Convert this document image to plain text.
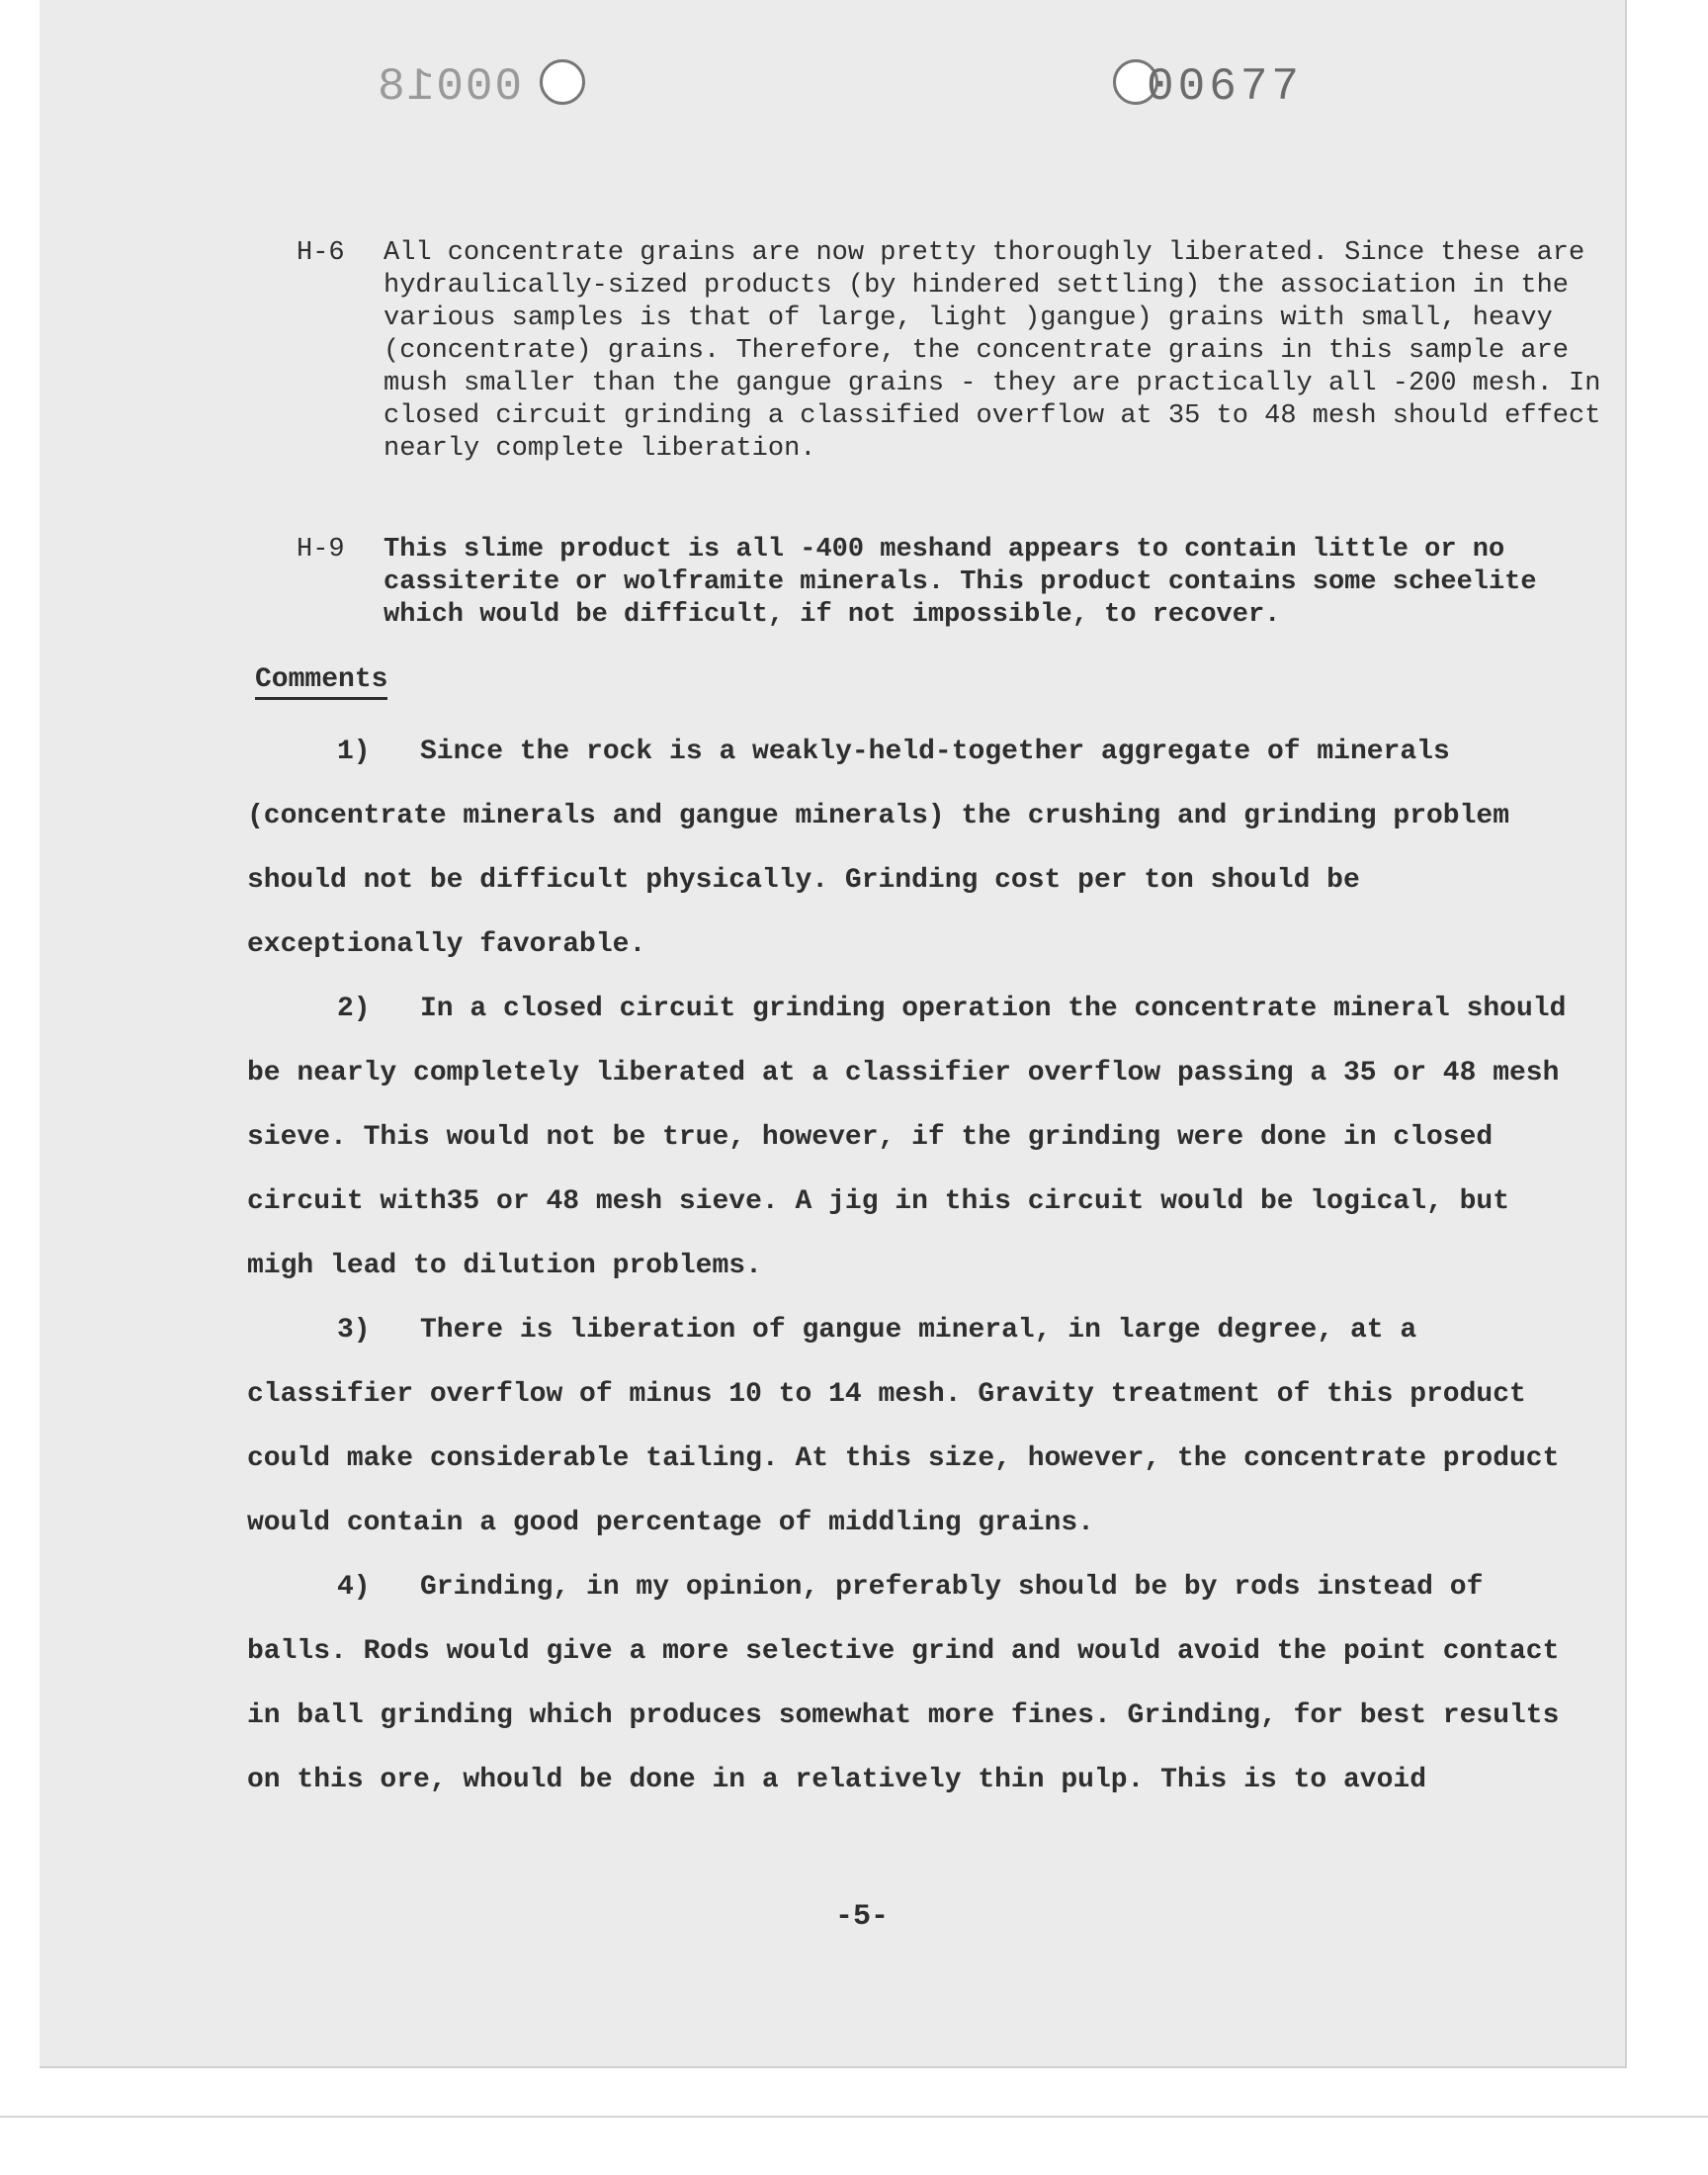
00018	00677
H-6 All concentrate grains are now pretty thoroughly liberated. Since these are hydraulically-sized products (by hindered settling) the association in the various samples is that of large, light )gangue) grains with small, heavy (concentrate) grains. Therefore, the concentrate grains in this sample are mush smaller than the gangue grains - they are practically all -200 mesh. In closed circuit grinding a classified overflow at 35 to 48 mesh should effect nearly complete liberation.
H-9 This slime product is all -400 meshand appears to contain little or no cassiterite or wolframite minerals. This product contains some scheelite which would be difficult, if not impossible, to recover.
Comments

1) Since the rock is a weakly-held-together aggregate of minerals (concentrate minerals and gangue minerals) the crushing and grinding problem should not be difficult physically. Grinding cost per ton should be exceptionally favorable.

2) In a closed circuit grinding operation the concentrate mineral should be nearly completely liberated at a classifier overflow passing a 35 or 48 mesh sieve. This would not be true, however, if the grinding were done in closed circuit with35 or 48 mesh sieve. A jig in this circuit would be logical, but migh lead to dilution problems.

3) There is liberation of gangue mineral, in large degree, at a classifier overflow of minus 10 to 14 mesh. Gravity treatment of this product could make considerable tailing. At this size, however, the concentrate product would contain a good percentage of middling grains.

4) Grinding, in my opinion, preferably should be by rods instead of balls. Rods would give a more selective grind and would avoid the point contact in ball grinding which produces somewhat more fines. Grinding, for best results on this ore, whould be done in a relatively thin pulp. This is to avoid

-5-
